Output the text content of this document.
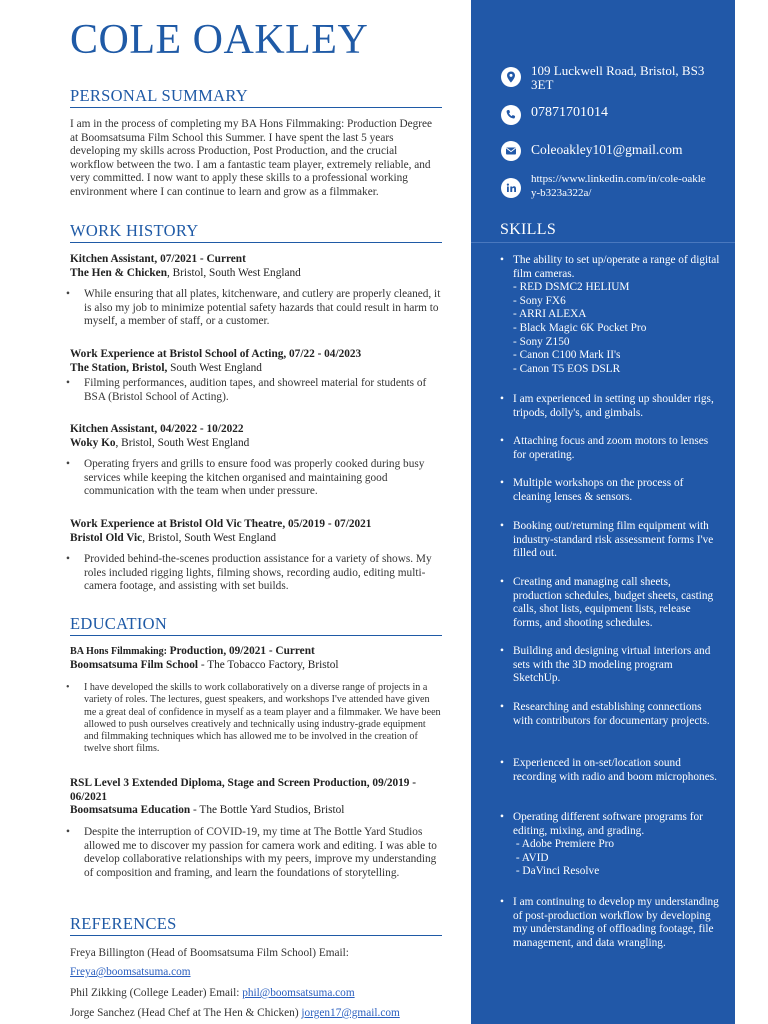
COLE OAKLEY
PERSONAL SUMMARY
I am in the process of completing my BA Hons Filmmaking: Production Degree at Boomsatsuma Film School this Summer. I have spent the last 5 years developing my skills across Production, Post Production, and the crucial workflow between the two. I am a fantastic team player, extremely reliable, and very committed. I now want to apply these skills to a professional working environment where I can continue to learn and grow as a filmmaker.
WORK HISTORY
Kitchen Assistant, 07/2021 - Current
The Hen & Chicken, Bristol, South West England
• While ensuring that all plates, kitchenware, and cutlery are properly cleaned, it is also my job to minimize potential safety hazards that could result in harm to myself, a member of staff, or a customer.
Work Experience at Bristol School of Acting, 07/22 - 04/2023
The Station, Bristol, South West England
• Filming performances, audition tapes, and showreel material for students of BSA (Bristol School of Acting).
Kitchen Assistant, 04/2022 - 10/2022
Woky Ko, Bristol, South West England
• Operating fryers and grills to ensure food was properly cooked during busy services while keeping the kitchen organised and maintaining good communication with the team when under pressure.
Work Experience at Bristol Old Vic Theatre, 05/2019 - 07/2021
Bristol Old Vic, Bristol, South West England
• Provided behind-the-scenes production assistance for a variety of shows. My roles included rigging lights, filming shows, recording audio, editing multi-camera footage, and assisting with set builds.
EDUCATION
BA Hons Filmmaking: Production, 09/2021 - Current
Boomsatsuma Film School - The Tobacco Factory, Bristol
• I have developed the skills to work collaboratively on a diverse range of projects in a variety of roles. The lectures, guest speakers, and workshops I've attended have given me a great deal of confidence in myself as a team player and a filmmaker. We have been allowed to push ourselves creatively and technically using industry-grade equipment and filmmaking techniques which has allowed me to be involved in the creation of twelve short films.
RSL Level 3 Extended Diploma, Stage and Screen Production, 09/2019 - 06/2021
Boomsatsuma Education - The Bottle Yard Studios, Bristol
• Despite the interruption of COVID-19, my time at The Bottle Yard Studios allowed me to discover my passion for camera work and editing. I was able to develop collaborative relationships with my peers, improve my understanding of composition and framing, and learn the foundations of storytelling.
REFERENCES
Freya Billington (Head of Boomsatsuma Film School) Email:
Freya@boomsatsuma.com
Phil Zikking (College Leader) Email: phil@boomsatsuma.com
Jorge Sanchez (Head Chef at The Hen & Chicken) jorgen17@gmail.com
109 Luckwell Road, Bristol, BS3 3ET
07871701014
Coleoakley101@gmail.com
https://www.linkedin.com/in/cole-oakley-b323a322a/
SKILLS
• The ability to set up/operate a range of digital film cameras.
- RED DSMC2 HELIUM
- Sony FX6
- ARRI ALEXA
- Black Magic 6K Pocket Pro
- Sony Z150
- Canon C100 Mark II's
- Canon T5 EOS DSLR
• I am experienced in setting up shoulder rigs, tripods, dolly's, and gimbals.
• Attaching focus and zoom motors to lenses for operating.
• Multiple workshops on the process of cleaning lenses & sensors.
• Booking out/returning film equipment with industry-standard risk assessment forms I've filled out.
• Creating and managing call sheets, production schedules, budget sheets, casting calls, shot lists, equipment lists, release forms, and shooting schedules.
• Building and designing virtual interiors and sets with the 3D modeling program SketchUp.
• Researching and establishing connections with contributors for documentary projects.
• Experienced in on-set/location sound recording with radio and boom microphones.
• Operating different software programs for editing, mixing, and grading.
- Adobe Premiere Pro
- AVID
- DaVinci Resolve
• I am continuing to develop my understanding of post-production workflow by developing my understanding of offloading footage, file management, and data wrangling.
